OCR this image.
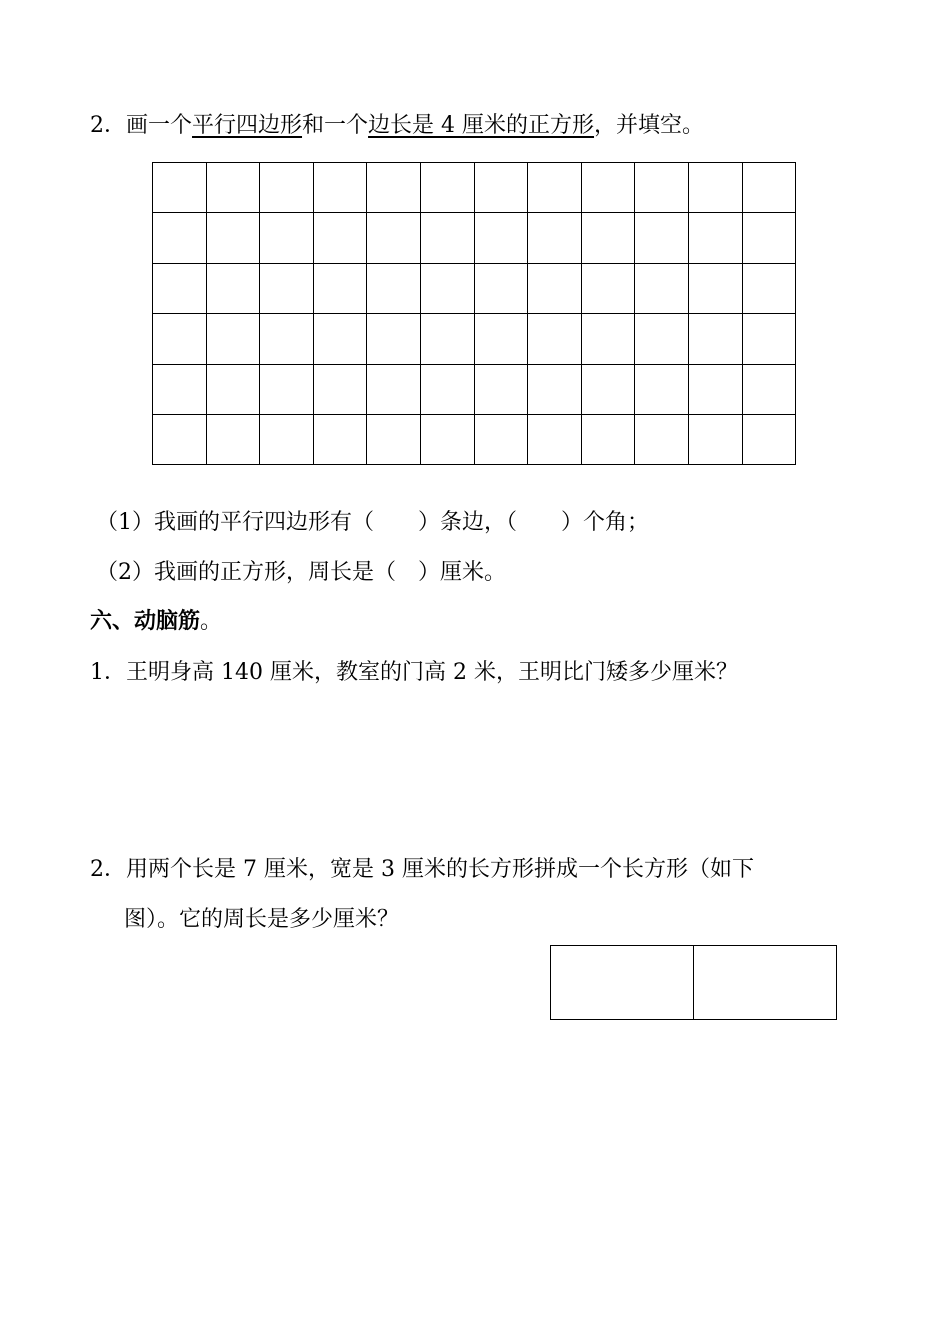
2．画一个平行四边形和一个边长是 4 厘米的正方形，并填空。

（1）我画的平行四边形有（　　）条边，（　　）个角；
（2）我画的正方形，周长是（　）厘米。
六、动脑筋。
1．王明身高 140 厘米，教室的门高 2 米，王明比门矮多少厘米？
2．用两个长是 7 厘米，宽是 3 厘米的长方形拼成一个长方形（如下
图）。它的周长是多少厘米？
